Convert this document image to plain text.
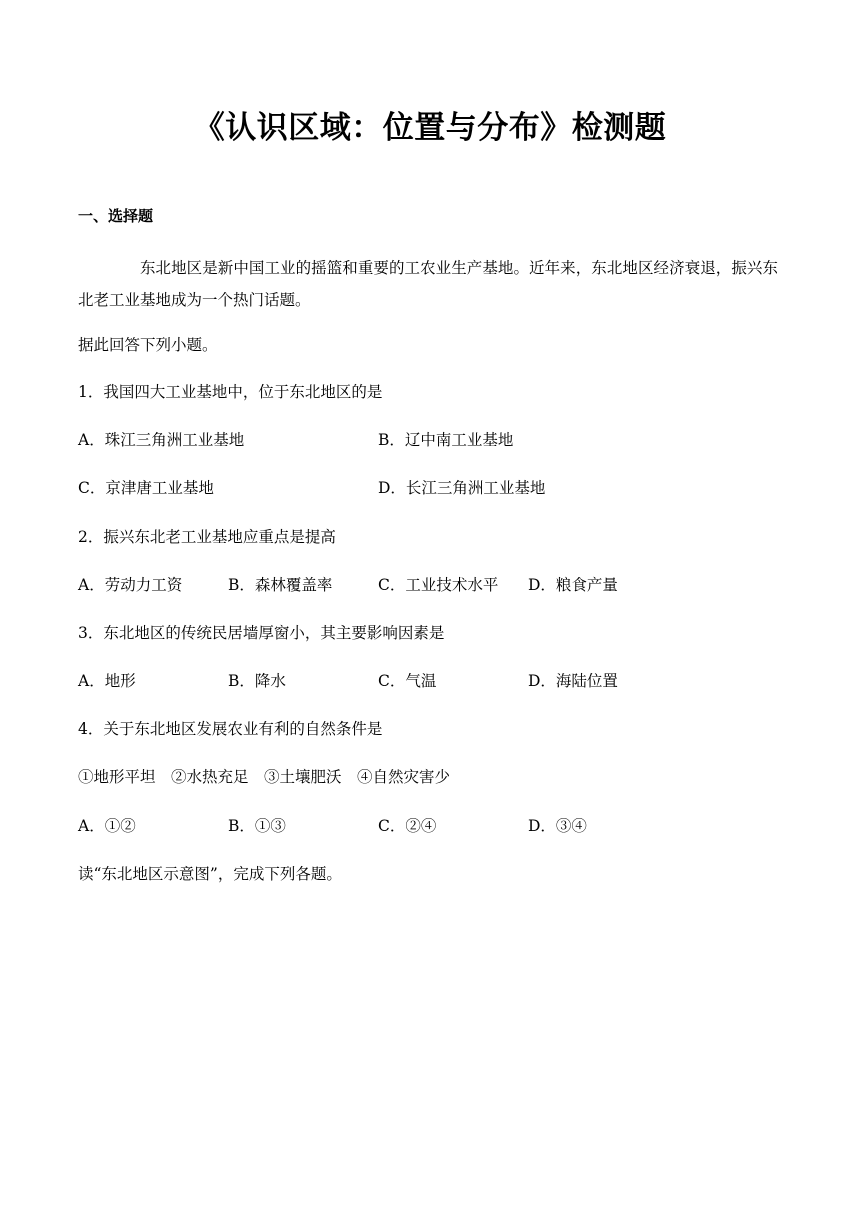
《认识区域：位置与分布》检测题
一、选择题
东北地区是新中国工业的摇篮和重要的工农业生产基地。近年来，东北地区经济衰退，振兴东北老工业基地成为一个热门话题。
据此回答下列小题。
1．我国四大工业基地中，位于东北地区的是
A．珠江三角洲工业基地	B．辽中南工业基地
C．京津唐工业基地	D．长江三角洲工业基地
2．振兴东北老工业基地应重点是提高
A．劳动力工资	B．森林覆盖率	C．工业技术水平 D．粮食产量
3．东北地区的传统民居墙厚窗小，其主要影响因素是
A．地形	B．降水	C．气温	D．海陆位置
4．关于东北地区发展农业有利的自然条件是
①地形平坦　②水热充足　③土壤肥沃　④自然灾害少
A．①②	B．①③	C．②④	D．③④
读“东北地区示意图”，完成下列各题。
